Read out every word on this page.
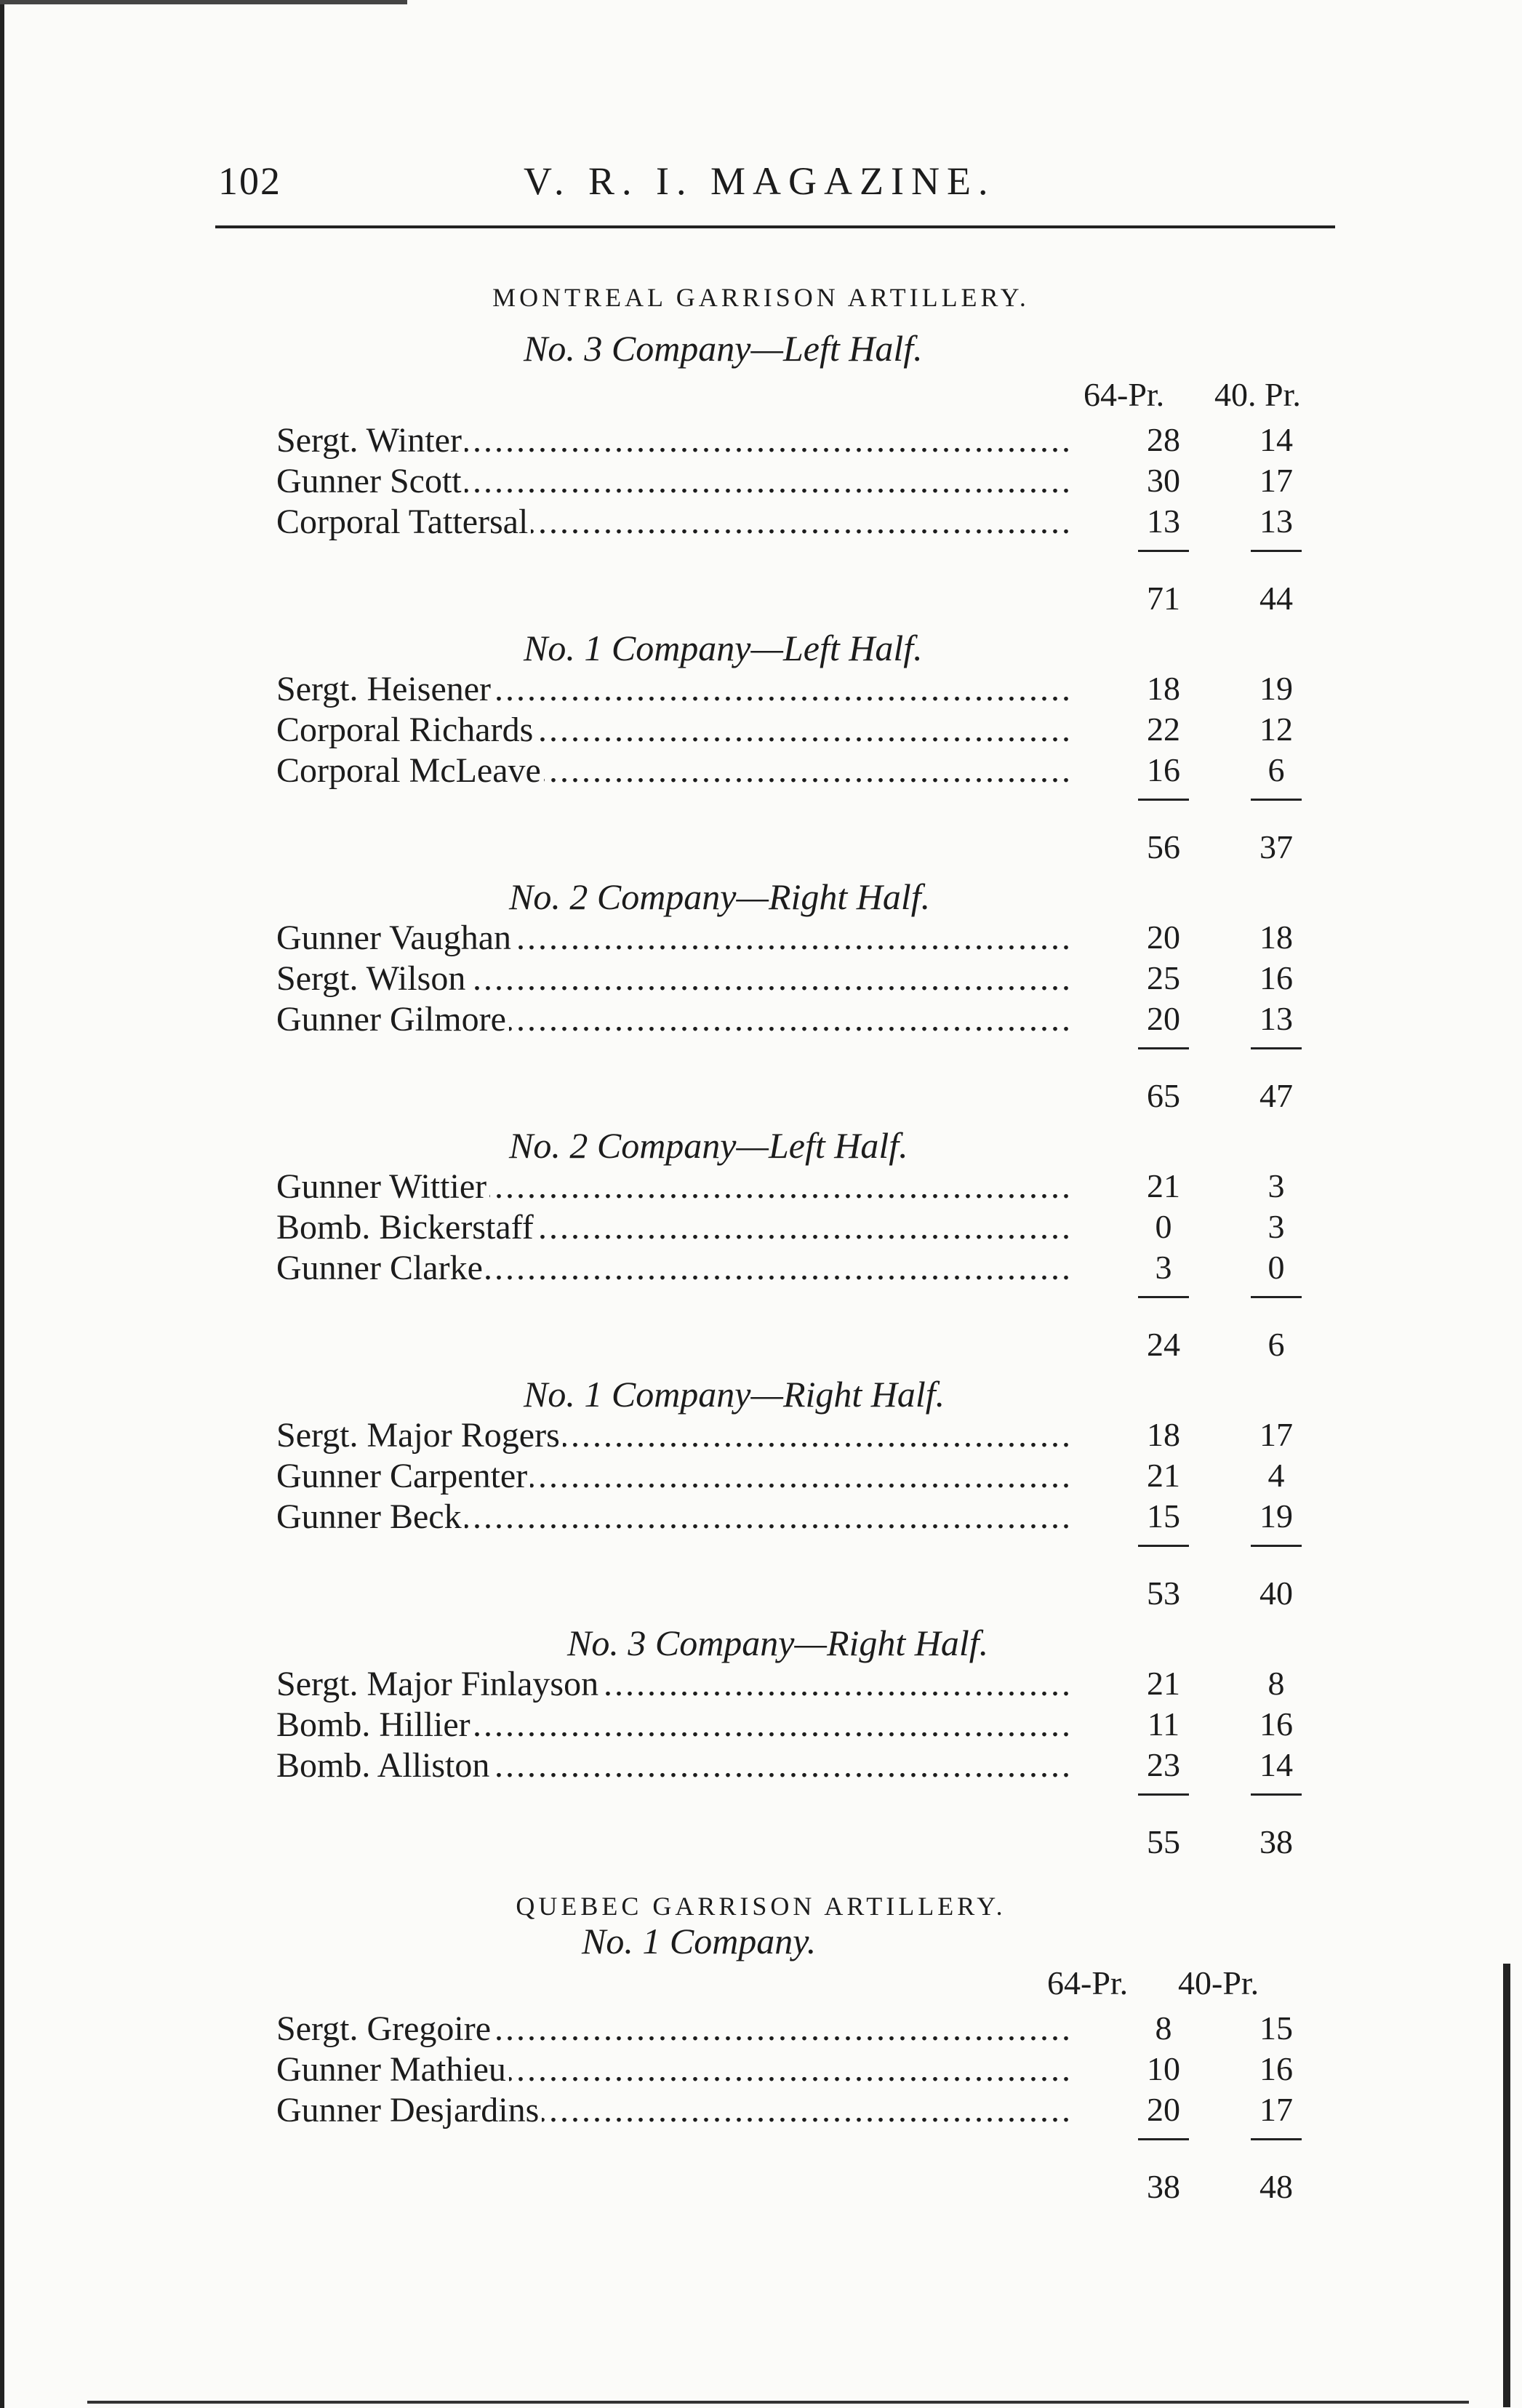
102	V. R. I. MAGAZINE.
MONTREAL GARRISON ARTILLERY.
No. 3 Company—Left Half.
64-Pr. 40. Pr.
Sergt. Winter .....	28	14
Gunner Scott .....	30	17
Corporal Tattersal .....	13	13
71	44
No. 1 Company—Left Half.
Sergt. Heisener .....	18	19
Corporal Richards .....	22	12
Corporal McLeave .....	16	6
56	37
No. 2 Company—Right Half.
Gunner Vaughan .....	20	18
Sergt. Wilson .....	25	16
Gunner Gilmore .....	20	13
65	47
No. 2 Company—Left Half.
Gunner Wittier .....	21	3
Bomb. Bickerstaff .....	0	3
Gunner Clarke .....	3	0
24	6
No. 1 Company—Right Half.
Sergt. Major Rogers .....	18	17
Gunner Carpenter .....	21	4
Gunner Beck .....	15	19
53	40
No. 3 Company—Right Half.
Sergt. Major Finlayson .....	21	8
Bomb. Hillier .....	11	16
Bomb. Alliston .....	23	14
55	38
QUEBEC GARRISON ARTILLERY.
No. 1 Company.
64-Pr. 40-Pr.
Sergt. Gregoire .....	8	15
Gunner Mathieu .....	10	16
Gunner Desjardins .....	20	17
38	48
